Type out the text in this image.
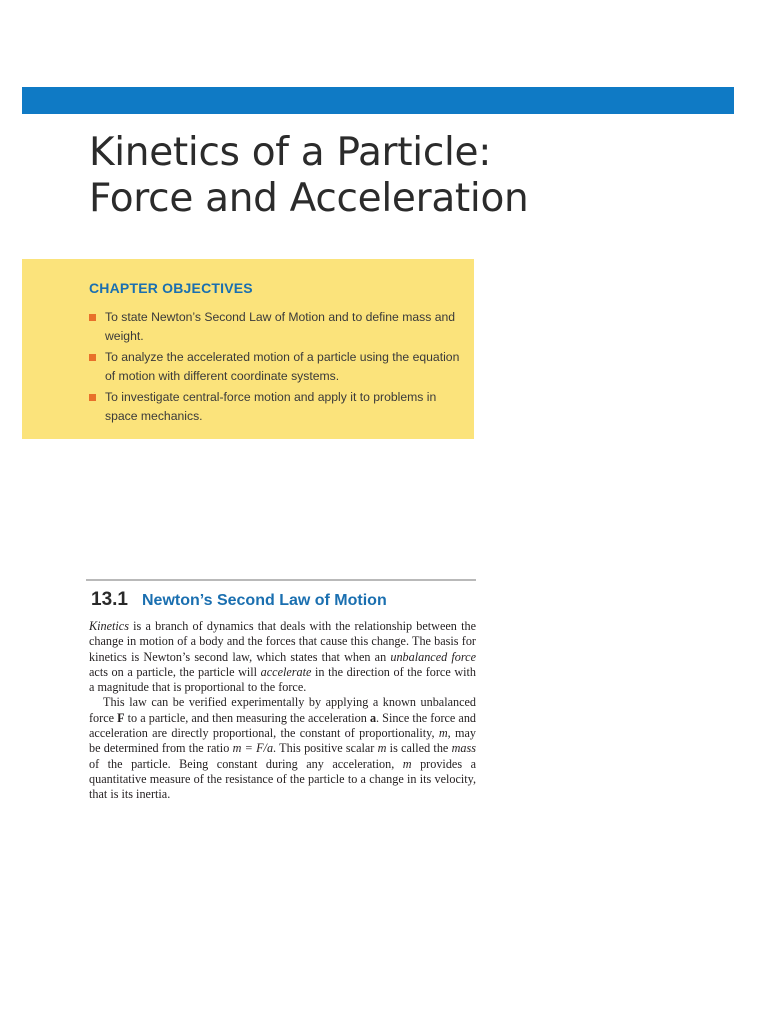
Kinetics of a Particle:
Force and Acceleration
CHAPTER OBJECTIVES
To state Newton’s Second Law of Motion and to define mass and weight.
To analyze the accelerated motion of a particle using the equation of motion with different coordinate systems.
To investigate central-force motion and apply it to problems in space mechanics.
13.1 Newton’s Second Law of Motion

Kinetics is a branch of dynamics that deals with the relationship between the change in motion of a body and the forces that cause this change. The basis for kinetics is Newton’s second law, which states that when an unbalanced force acts on a particle, the particle will accelerate in the direction of the force with a magnitude that is proportional to the force.

This law can be verified experimentally by applying a known unbalanced force F to a particle, and then measuring the acceleration a. Since the force and acceleration are directly proportional, the constant of proportionality, m, may be determined from the ratio m = F/a. This positive scalar m is called the mass of the particle. Being constant during any acceleration, m provides a quantitative measure of the resistance of the particle to a change in its velocity, that is its inertia.
